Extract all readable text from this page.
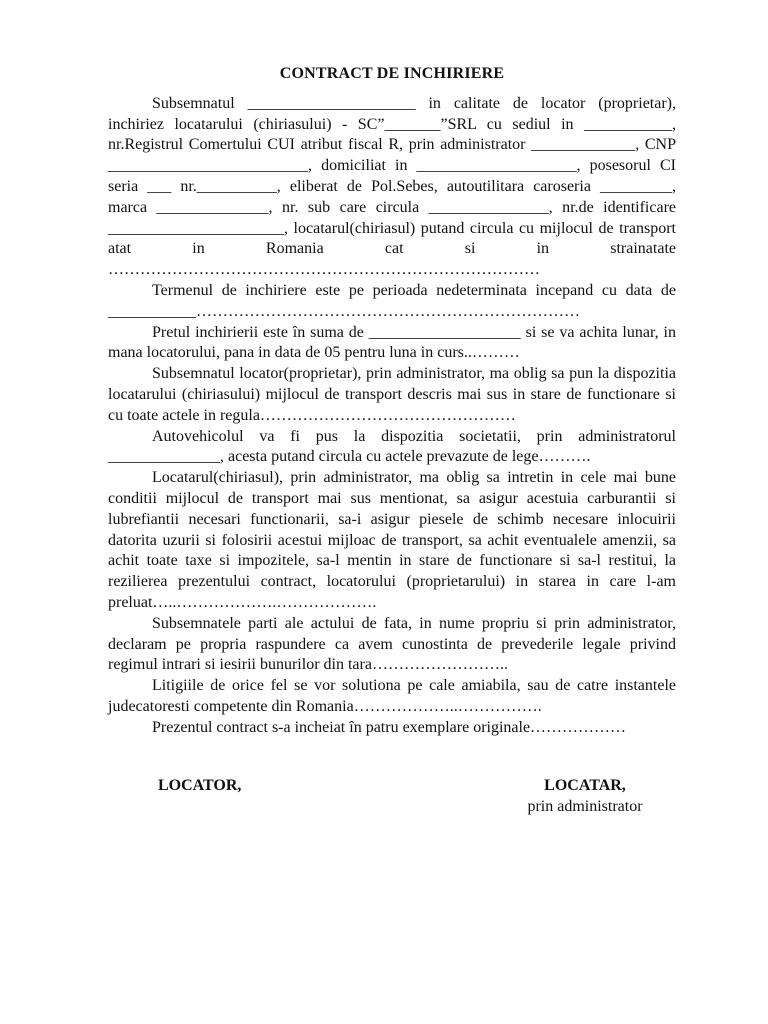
CONTRACT DE INCHIRIERE

Subsemnatul _____________________ in calitate de locator (proprietar), inchiriez locatarului (chiriasului) - SC”_______”SRL cu sediul in ___________, nr.Registrul Comertului CUI atribut fiscal R, prin administrator _____________, CNP _________________________, domiciliat in ____________________, posesorul CI seria ___ nr.__________, eliberat de Pol.Sebes, autoutilitara caroseria _________, marca ______________, nr. sub care circula _______________, nr.de identificare ______________________, locatarul(chiriasul) putand circula cu mijlocul de transport atat in Romania cat si in strainatate ………………………………………………………………………

Termenul de inchiriere este pe perioada nedeterminata incepand cu data de ___________………………………………………………………………

Pretul inchirierii este în suma de ___________________ si se va achita lunar, in mana locatorului, pana in data de 05 pentru luna in curs..………

Subsemnatul locator(proprietar), prin administrator, ma oblig sa pun la dispozitia locatarului (chiriasului) mijlocul de transport descris mai sus in stare de functionare si cu toate actele in regula…………………………………………

Autovehicolul va fi pus la dispozitia societatii, prin administratorul ______________, acesta putand circula cu actele prevazute de lege……….

Locatarul(chiriasul), prin administrator, ma oblig sa intretin in cele mai bune conditii mijlocul de transport mai sus mentionat, sa asigur acestuia carburantii si lubrefiantii necesari functionarii, sa-i asigur piesele de schimb necesare inlocuirii datorita uzurii si folosirii acestui mijloac de transport, sa achit eventualele amenzii, sa achit toate taxe si impozitele, sa-l mentin in stare de functionare si sa-l restitui, la rezilierea prezentului contract, locatorului (proprietarului) in starea in care l-am preluat…..……………….……………….

Subsemnatele parti ale actului de fata, in nume propriu si prin administrator, declaram pe propria raspundere ca avem cunostinta de prevederile legale privind regimul intrari si iesirii bunurilor din tara……………………..

Litigiile de orice fel se vor solutiona pe cale amiabila, sau de catre instantele judecatoresti competente din Romania………………..…………….

Prezentul contract s-a incheiat în patru exemplare originale………………

LOCATOR,	LOCATAR,
prin administrator
